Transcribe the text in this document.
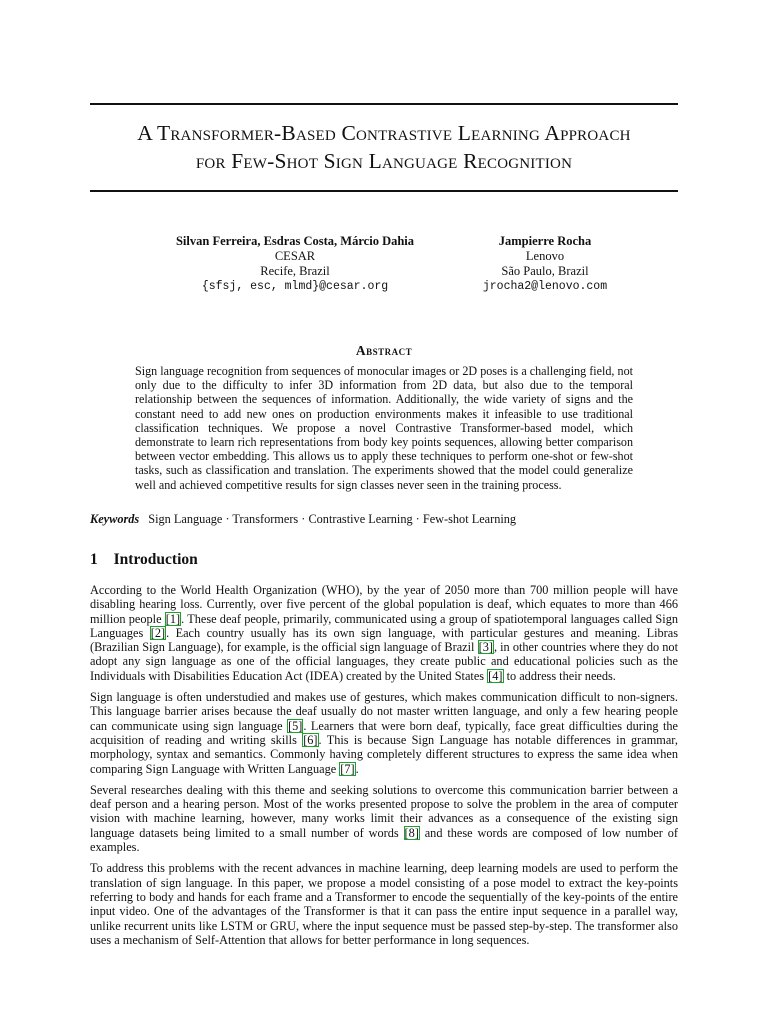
A Transformer-Based Contrastive Learning Approach
for Few-Shot Sign Language Recognition
Silvan Ferreira, Esdras Costa, Márcio Dahia
CESAR
Recife, Brazil
{sfsj, esc, mlmd}@cesar.org
Jampierre Rocha
Lenovo
São Paulo, Brazil
jrocha2@lenovo.com
Abstract
Sign language recognition from sequences of monocular images or 2D poses is a challenging field, not only due to the difficulty to infer 3D information from 2D data, but also due to the temporal relationship between the sequences of information. Additionally, the wide variety of signs and the constant need to add new ones on production environments makes it infeasible to use traditional classification techniques. We propose a novel Contrastive Transformer-based model, which demonstrate to learn rich representations from body key points sequences, allowing better comparison between vector embedding. This allows us to apply these techniques to perform one-shot or few-shot tasks, such as classification and translation. The experiments showed that the model could generalize well and achieved competitive results for sign classes never seen in the training process.
Keywords Sign Language · Transformers · Contrastive Learning · Few-shot Learning
1 Introduction

According to the World Health Organization (WHO), by the year of 2050 more than 700 million people will have disabling hearing loss. Currently, over five percent of the global population is deaf, which equates to more than 466 million people [1]. These deaf people, primarily, communicated using a group of spatiotemporal languages called Sign Languages [2]. Each country usually has its own sign language, with particular gestures and meaning. Libras (Brazilian Sign Language), for example, is the official sign language of Brazil [3], in other countries where they do not adopt any sign language as one of the official languages, they create public and educational policies such as the Individuals with Disabilities Education Act (IDEA) created by the United States [4] to address their needs.

Sign language is often understudied and makes use of gestures, which makes communication difficult to non-signers. This language barrier arises because the deaf usually do not master written language, and only a few hearing people can communicate using sign language [5]. Learners that were born deaf, typically, face great difficulties during the acquisition of reading and writing skills [6]. This is because Sign Language has notable differences in grammar, morphology, syntax and semantics. Commonly having completely different structures to express the same idea when comparing Sign Language with Written Language [7].

Several researches dealing with this theme and seeking solutions to overcome this communication barrier between a deaf person and a hearing person. Most of the works presented propose to solve the problem in the area of computer vision with machine learning, however, many works limit their advances as a consequence of the existing sign language datasets being limited to a small number of words [8] and these words are composed of low number of examples.

To address this problems with the recent advances in machine learning, deep learning models are used to perform the translation of sign language. In this paper, we propose a model consisting of a pose model to extract the key-points referring to body and hands for each frame and a Transformer to encode the sequentially of the key-points of the entire input video. One of the advantages of the Transformer is that it can pass the entire input sequence in a parallel way, unlike recurrent units like LSTM or GRU, where the input sequence must be passed step-by-step. The transformer also uses a mechanism of Self-Attention that allows for better performance in long sequences.
